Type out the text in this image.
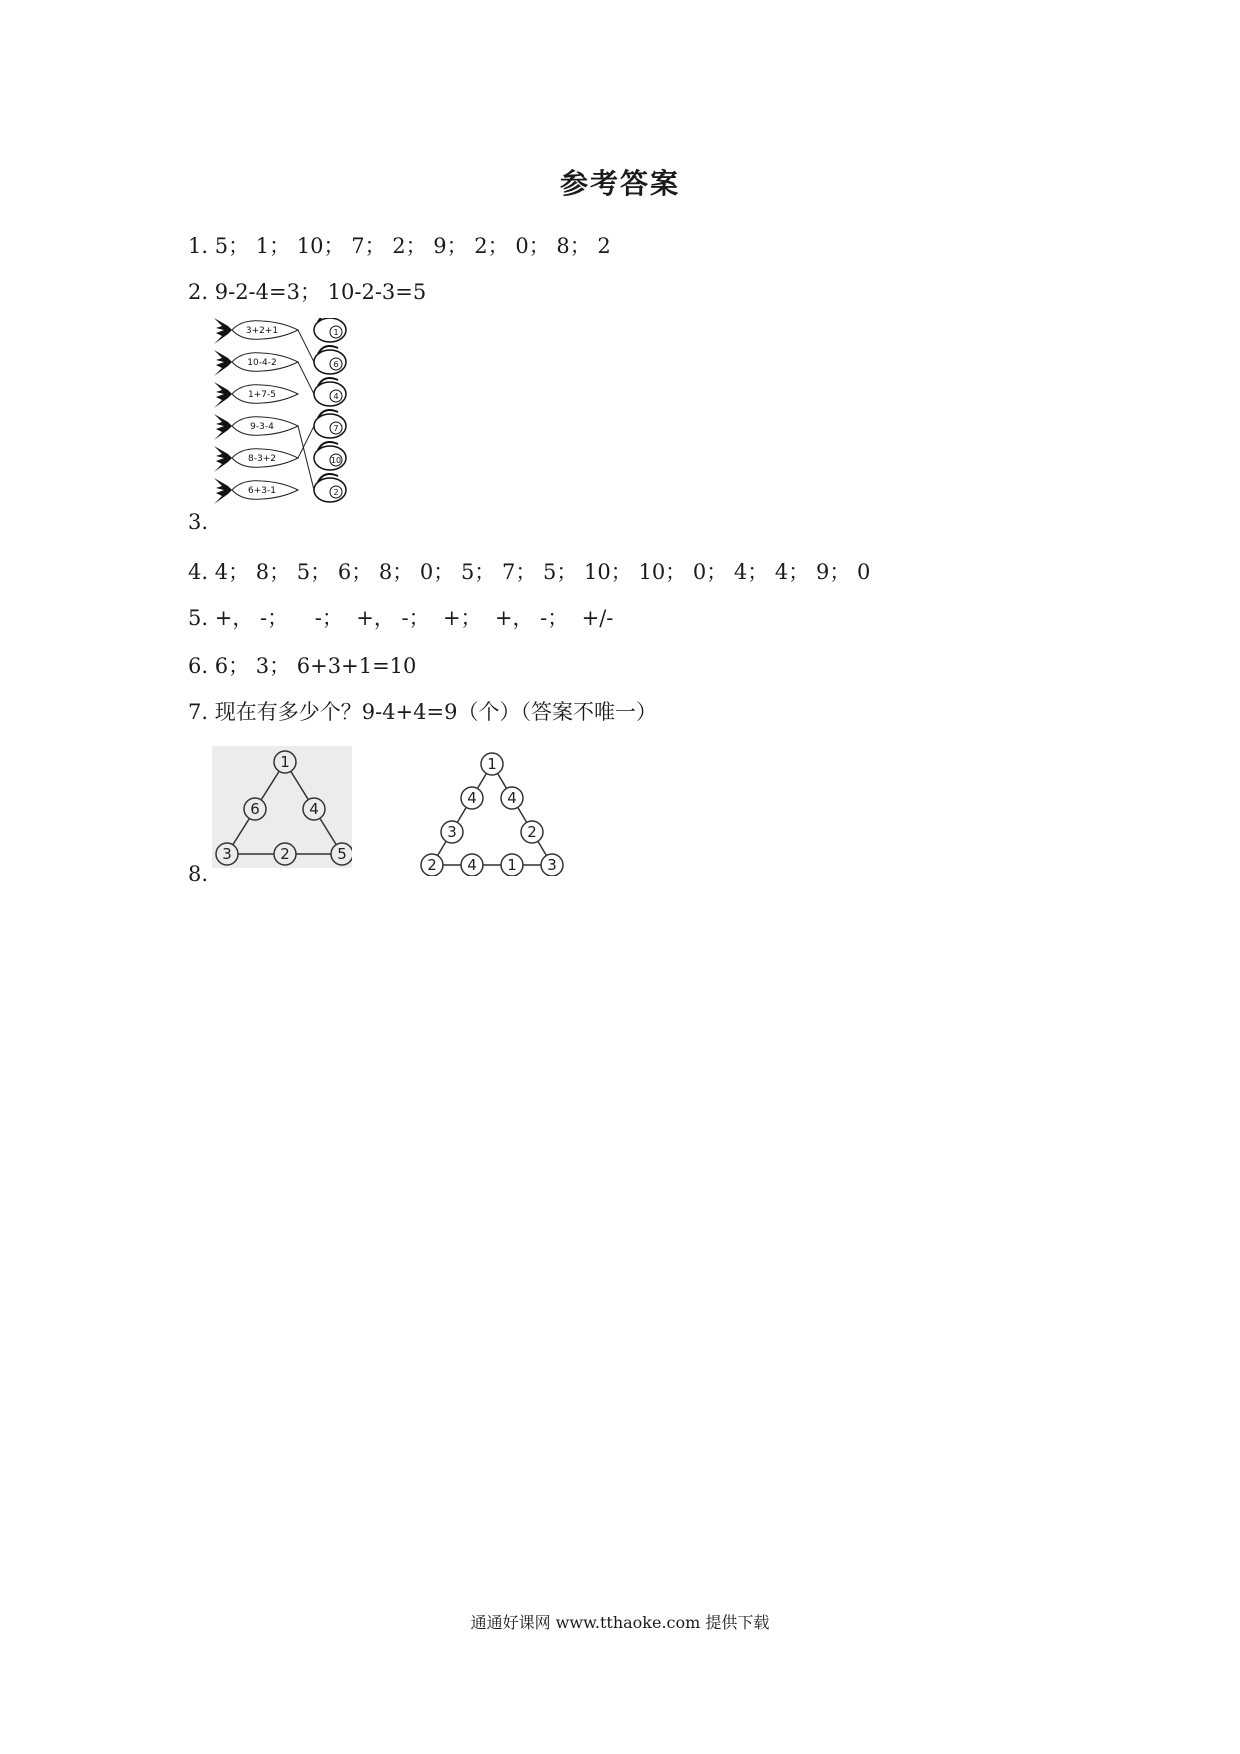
参考答案
1. 5； 1； 10； 7； 2； 9； 2； 0； 8； 2
2. 9-2-4=3； 10-2-3=5
3.
3+2+1
10-4-2
1+7-5
9-3-4
8-3+2
6+3-1
1
6
4
7
10
2
4. 4； 8； 5； 6； 8； 0； 5； 7； 5； 10； 10； 0； 4； 4； 9； 0
5. +， -；    -；  +， -；  +；  +， -；  +/-
6. 6； 3； 6+3+1=10
7. 现在有多少个？9-4+4=9（个）（答案不唯一）
8.
1
6	4
3	2	5
1
4
3
4
2
2 4 1 3
通通好课网 www.tthaoke.com 提供下载
